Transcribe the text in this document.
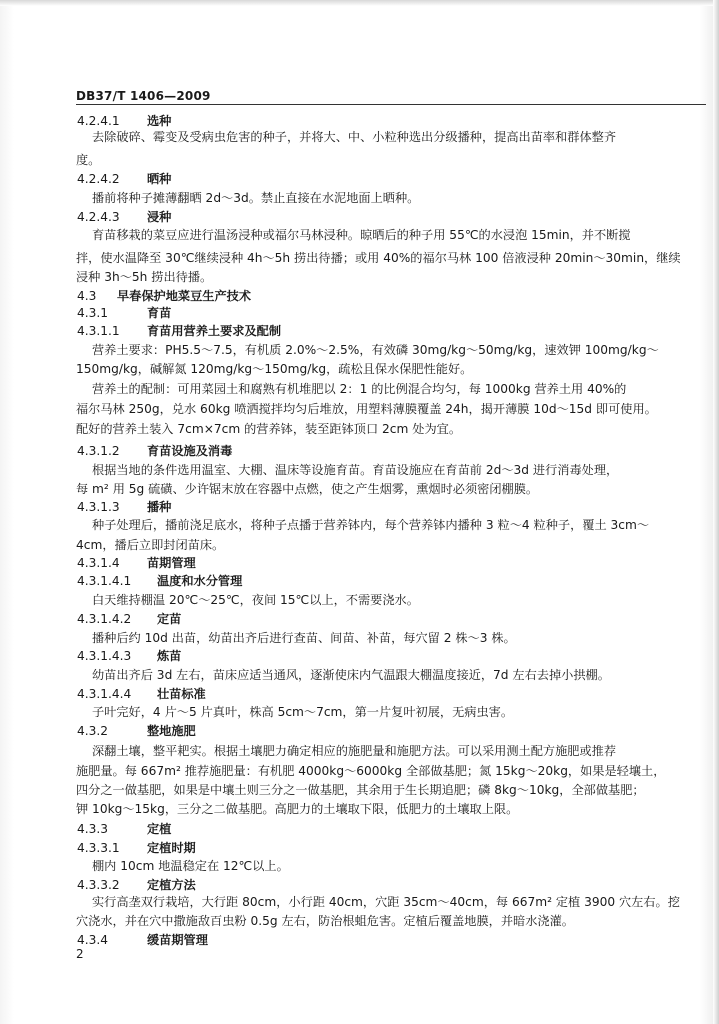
DB37/T 1406—2009
4.2.4.1 选种
去除破碎、霉变及受病虫危害的种子，并将大、中、小粒种选出分级播种，提高出苗率和群体整齐
度。
4.2.4.2 晒种
播前将种子摊薄翻晒 2d～3d。禁止直接在水泥地面上晒种。
4.2.4.3 浸种
育苗移栽的菜豆应进行温汤浸种或福尔马林浸种。晾晒后的种子用 55℃的水浸泡 15min，并不断搅
拌，使水温降至 30℃继续浸种 4h～5h 捞出待播；或用 40%的福尔马林 100 倍液浸种 20min～30min，继续
浸种 3h～5h 捞出待播。
4.3 早春保护地菜豆生产技术
4.3.1	育苗
4.3.1.1 育苗用营养土要求及配制
营养土要求：PH5.5～7.5，有机质 2.0%～2.5%，有效磷 30mg/kg～50mg/kg，速效钾 100mg/kg～
150mg/kg，碱解氮 120mg/kg～150mg/kg，疏松且保水保肥性能好。
营养土的配制：可用菜园土和腐熟有机堆肥以 2：1 的比例混合均匀，每 1000kg 营养土用 40%的
福尔马林 250g，兑水 60kg 喷洒搅拌均匀后堆放，用塑料薄膜覆盖 24h，揭开薄膜 10d～15d 即可使用。
配好的营养土装入 7cm×7cm 的营养钵，装至距钵顶口 2cm 处为宜。
4.3.1.2 育苗设施及消毒
根据当地的条件选用温室、大棚、温床等设施育苗。育苗设施应在育苗前 2d～3d 进行消毒处理，
每 m² 用 5g 硫磺、少许锯末放在容器中点燃，使之产生烟雾，熏烟时必须密闭棚膜。
4.3.1.3 播种
种子处理后，播前浇足底水，将种子点播于营养钵内，每个营养钵内播种 3 粒～4 粒种子，覆土 3cm～
4cm，播后立即封闭苗床。
4.3.1.4 苗期管理
4.3.1.4.1 温度和水分管理
白天维持棚温 20℃～25℃，夜间 15℃以上，不需要浇水。
4.3.1.4.2 定苗
播种后约 10d 出苗，幼苗出齐后进行查苗、间苗、补苗，每穴留 2 株～3 株。
4.3.1.4.3 炼苗
幼苗出齐后 3d 左右，苗床应适当通风，逐渐使床内气温跟大棚温度接近，7d 左右去掉小拱棚。
4.3.1.4.4 壮苗标准
子叶完好，4 片～5 片真叶，株高 5cm～7cm，第一片复叶初展，无病虫害。
4.3.2	整地施肥
深翻土壤，整平耙实。根据土壤肥力确定相应的施肥量和施肥方法。可以采用测土配方施肥或推荐
施肥量。每 667m² 推荐施肥量：有机肥 4000kg～6000kg 全部做基肥；氮 15kg～20kg，如果是轻壤土，
四分之一做基肥，如果是中壤土则三分之一做基肥，其余用于生长期追肥；磷 8kg～10kg，全部做基肥；
钾 10kg～15kg，三分之二做基肥。高肥力的土壤取下限，低肥力的土壤取上限。
4.3.3	定植
4.3.3.1 定植时期
棚内 10cm 地温稳定在 12℃以上。
4.3.3.2 定植方法
实行高垄双行栽培，大行距 80cm，小行距 40cm，穴距 35cm～40cm，每 667m² 定植 3900 穴左右。挖
穴浇水，并在穴中撒施敌百虫粉 0.5g 左右，防治根蛆危害。定植后覆盖地膜，并暗水浇灌。
4.3.4	缓苗期管理
2
